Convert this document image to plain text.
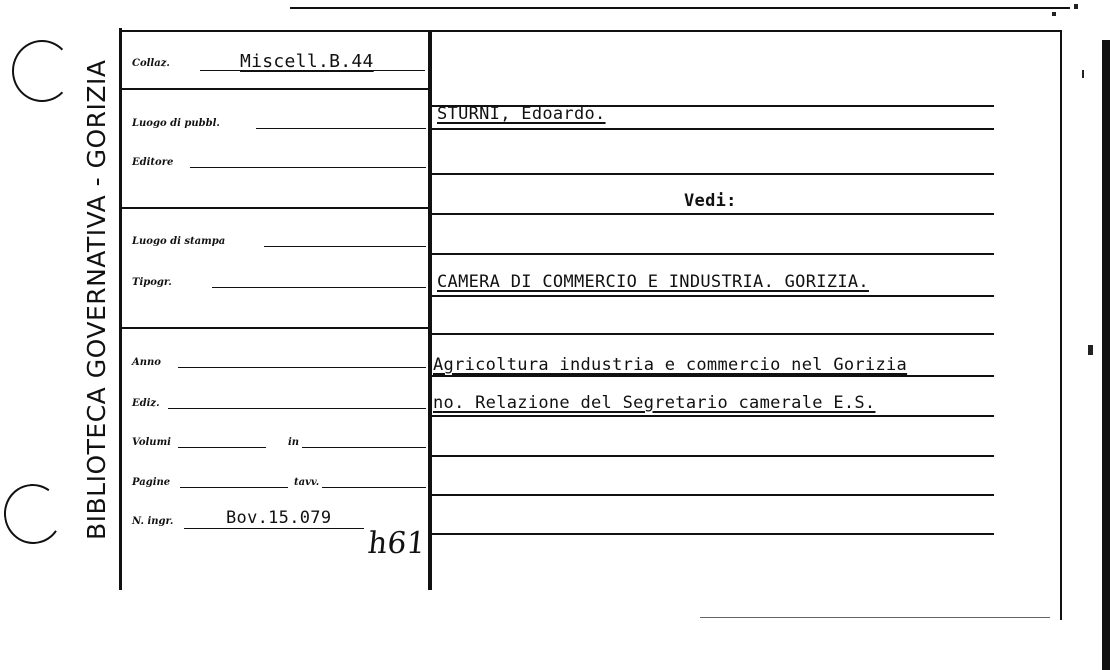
BIBLIOTECA GOVERNATIVA - GORIZIA Collaz.	Miscell.B.44
Luogo di pubbl.
Editore
Luogo di stampa
Tipogr.
Anno
Ediz.
Volumi	in
Pagine	tavv.
N. ingr.	Bov.15.079
h61
STURNI, Edoardo.
Vedi:
CAMERA DI COMMERCIO E INDUSTRIA. GORIZIA.
Agricoltura industria e commercio nel Gorizia
no. Relazione del Segretario camerale E.S.
